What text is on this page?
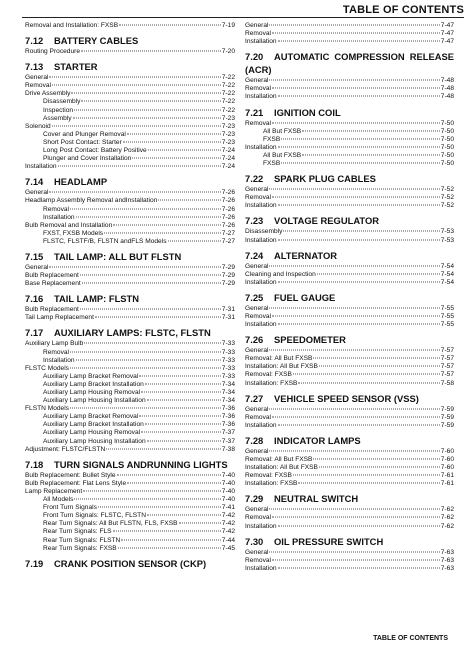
TABLE OF CONTENTS
Removal and Installation: FXSB	7-19
7.12	BATTERY CABLES
Routing Procedure	7-20
7.13	STARTER
General	7-22
Removal	7-22
Drive Assembly	7-22
Disassembly	7-22
Inspection	7-22
Assembly	7-23
Solenoid	7-23
Cover and Plunger Removal	7-23
Short Post Contact: Starter	7-23
Long Post Contact: Battery Positive	7-24
Plunger and Cover Installation	7-24
Installation	7-24
7.14	HEADLAMP
General	7-26
Headlamp Assembly Removal andInstallation	7-26
Removal	7-26
Installation	7-26
Bulb Removal and Installation	7-26
FXST, FXSB Models	7-27
FLSTC, FLSTF/B, FLSTN andFLS Models	7-27
7.15	TAIL LAMP: ALL BUT FLSTN
General	7-29
Bulb Replacement	7-29
Base Replacement	7-29
7.16	TAIL LAMP: FLSTN
Bulb Replacement	7-31
Tail Lamp Replacement	7-31
7.17	AUXILIARY LAMPS: FLSTC, FLSTN
Auxiliary Lamp Bulb	7-33
Removal	7-33
Installation	7-33
FLSTC Models	7-33
Auxiliary Lamp Bracket Removal	7-33
Auxiliary Lamp Bracket Installation	7-34
Auxiliary Lamp Housing Removal	7-34
Auxiliary Lamp Housing Installation	7-34
FLSTN Models	7-36
Auxiliary Lamp Bracket Removal	7-36
Auxiliary Lamp Bracket Installation	7-36
Auxiliary Lamp Housing Removal	7-37
Auxiliary Lamp Housing Installation	7-37
Adjustment: FLSTC/FLSTN	7-38
7.18	TURN SIGNALS ANDRUNNING LIGHTS
Bulb Replacement: Bullet Style	7-40
Bulb Replacement: Flat Lens Style	7-40
Lamp Replacement	7-40
All Models	7-40
Front Turn Signals	7-41
Front Turn Signals: FLSTC, FLSTN	7-42
Rear Turn Signals: All But FLSTN, FLS, FXSB	7-42
Rear Turn Signals: FLS	7-42
Rear Turn Signals: FLSTN	7-44
Rear Turn Signals: FXSB	7-45
7.19	CRANK POSITION SENSOR (CKP)
General	7-47
Removal	7-47
Installation	7-47
7.20	AUTOMATIC COMPRESSION RELEASE
(ACR)
General	7-48
Removal	7-48
Installation	7-48
7.21	IGNITION COIL
Removal	7-50
All But FXSB	7-50
FXSB	7-50
Installation	7-50
All But FXSB	7-50
FXSB	7-50
7.22	SPARK PLUG CABLES
General	7-52
Removal	7-52
Installation	7-52
7.23	VOLTAGE REGULATOR
Disassembly	7-53
Installation	7-53
7.24	ALTERNATOR
General	7-54
Cleaning and Inspection	7-54
Installation	7-54
7.25	FUEL GAUGE
General	7-55
Removal	7-55
Installation	7-55
7.26	SPEEDOMETER
General	7-57
Removal: All But FXSB	7-57
Installation: All But FXSB	7-57
Removal: FXSB	7-57
Installation: FXSB	7-58
7.27	VEHICLE SPEED SENSOR (VSS)
General	7-59
Removal	7-59
Installation	7-59
7.28	INDICATOR LAMPS
General	7-60
Removal: All But FXSB	7-60
Installation: All But FXSB	7-60
Removal: FXSB	7-61
Installation: FXSB	7-61
7.29	NEUTRAL SWITCH
General	7-62
Removal	7-62
Installation	7-62
7.30	OIL PRESSURE SWITCH
General	7-63
Removal	7-63
Installation	7-63
TABLE OF CONTENTS
